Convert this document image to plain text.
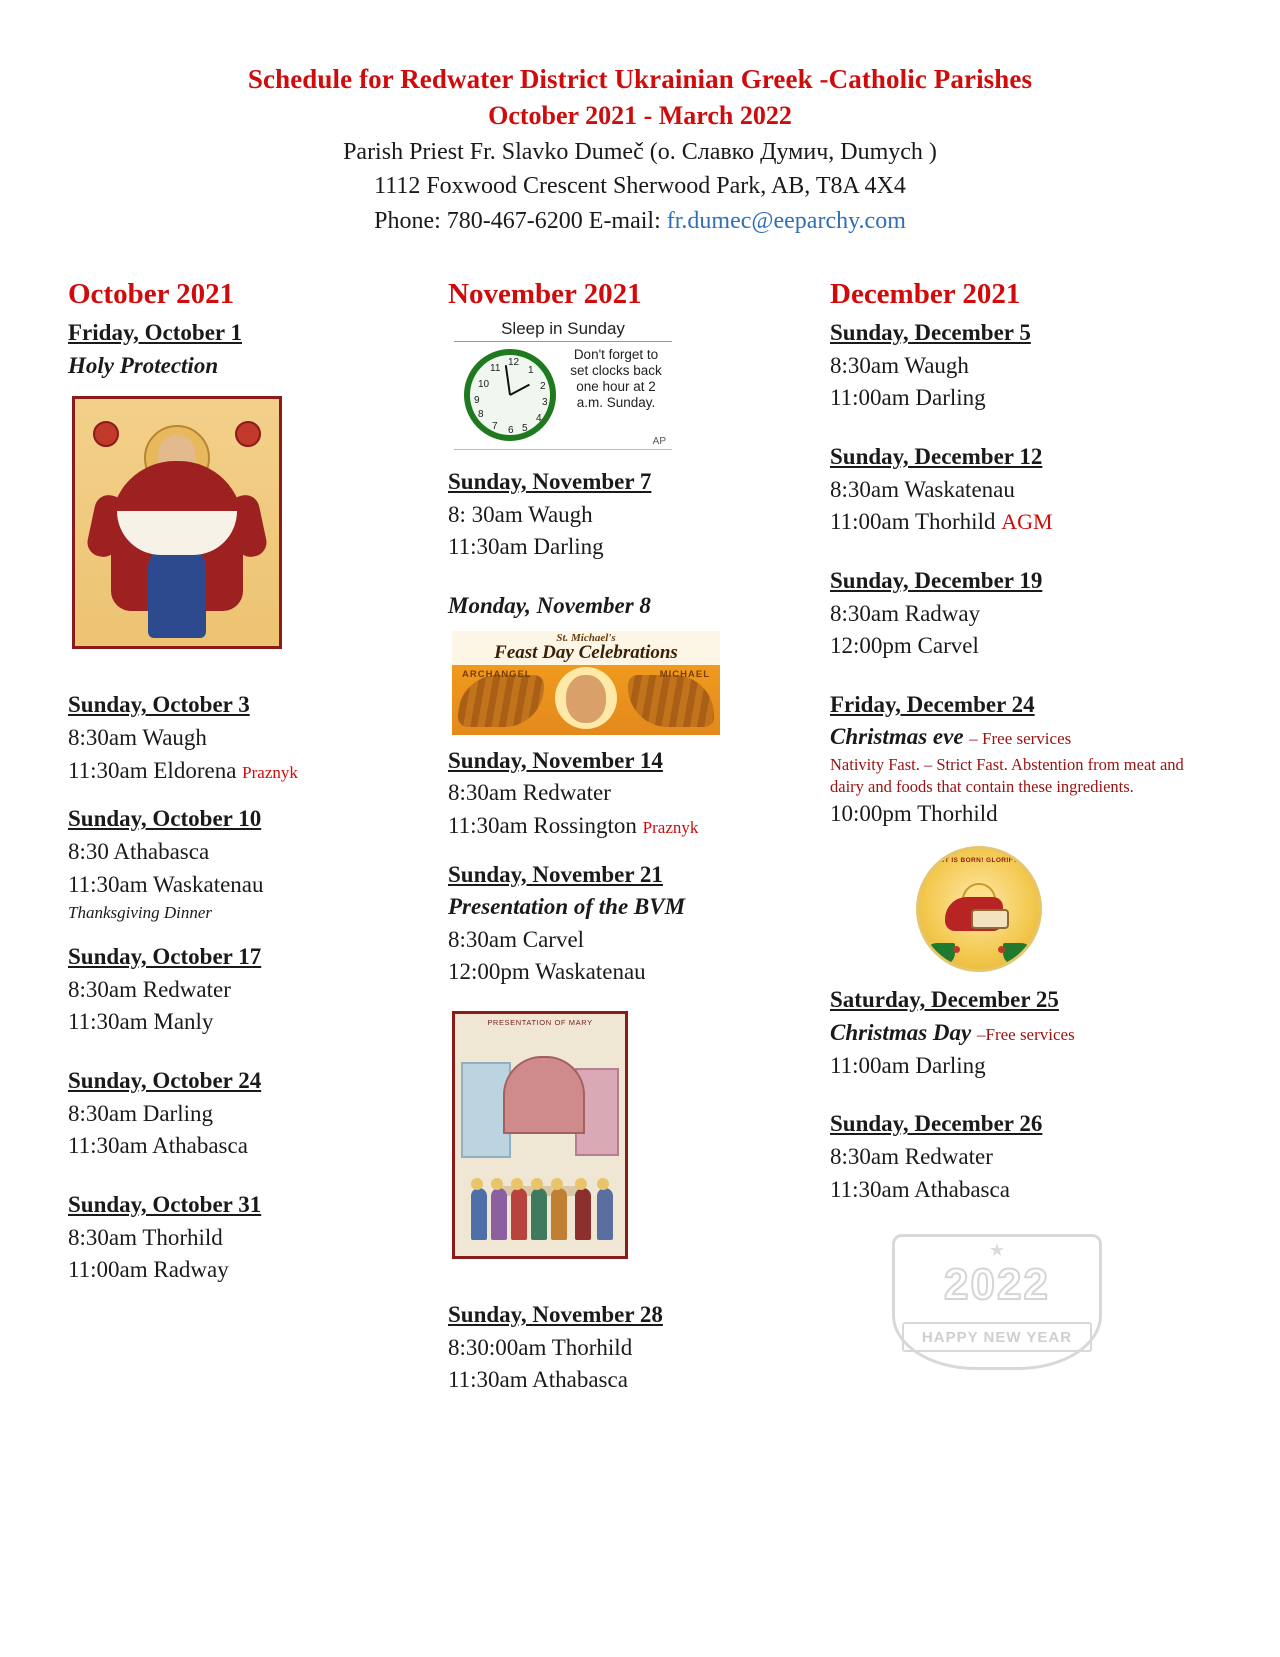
Schedule for Redwater District Ukrainian Greek -Catholic Parishes
October 2021 - March 2022
Parish Priest Fr. Slavko Dumeč (о. Славко Думич, Dumych )
1112 Foxwood Crescent Sherwood Park, AB, T8A 4X4
Phone: 780-467-6200 E-mail: fr.dumec@eeparchy.com
October 2021
Friday, October 1
Holy Protection
Sunday, October 3
8:30am Waugh
11:30am Eldorena Praznyk
Sunday, October 10
8:30 Athabasca
11:30am Waskatenau
Thanksgiving Dinner
Sunday, October 17
8:30am Redwater
11:30am Manly
Sunday, October 24
8:30am Darling
11:30am Athabasca
Sunday, October 31
8:30am Thorhild
11:00am Radway
November 2021
Sleep in Sunday
12
1
2
3
4
5
6
7
8
9
10
11
Don't forget to set clocks back one hour at 2 a.m. Sunday.
AP
Sunday, November 7
8: 30am Waugh
11:30am Darling
Monday, November 8
St. Michael's
Feast Day Celebrations
ARCHANGEL	MICHAEL
Sunday, November 14
8:30am Redwater
11:30am Rossington Praznyk
Sunday, November 21
Presentation of the BVM
8:30am Carvel
12:00pm Waskatenau
PRESENTATION OF MARY
Sunday, November 28
8:30:00am Thorhild
11:30am Athabasca
December 2021
Sunday, December 5
8:30am Waugh
11:00am Darling
Sunday, December 12
8:30am Waskatenau
11:00am Thorhild AGM
Sunday, December 19
8:30am Radway
12:00pm Carvel
Friday, December 24
Christmas eve – Free services
Nativity Fast. – Strict Fast. Abstention from meat and dairy and foods that contain these ingredients.
10:00pm Thorhild
CHRIST IS BORN! GLORIFY HIM!
Saturday, December 25
Christmas Day –Free services
11:00am Darling
Sunday, December 26
8:30am Redwater
11:30am Athabasca
★
2022
HAPPY NEW YEAR
